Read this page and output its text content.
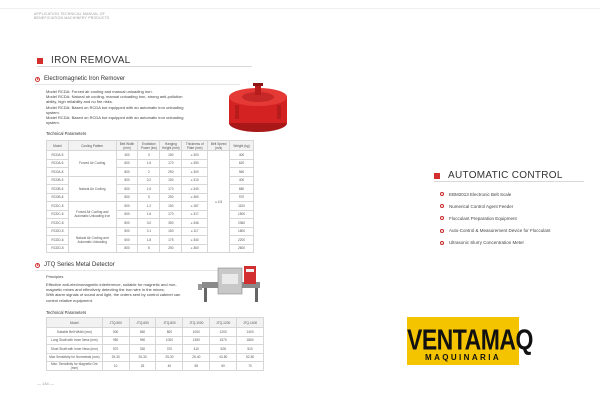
APPLICATION TECHNICAL MANUAL OF
BENEFICIATION MACHINERY PRODUCTS
IRON REMOVAL
Electromagnetic Iron Remover
Model RCDA: Forced air cooling and manual unloading iron.
Model RCDA: Natural air cooling, manual unloading iron, strong anti-pollution
ability, high reliability and no fire risks.
Model RCDA: Based on RCDA but equipped with an automatic iron unloading
system.
Model RCDA: Based on RCDA but equipped with an automatic iron unloading
system.
Technical Parameters
Model	Cooling Pattern	Belt Width (mm)	Excitation Power (kw)	Hanging Height (mm)	Thickness of Plate (mm)	Belt Speed (m/s)	Weight (kg)
RCDA-5	Forced Air Cooling	400	3	150	≤ 300	≤ 4.5	400
RCDA-6		600	1.6	170	≤ 350		620
RCDA-8		800	2	250	≤ 300		960
RCDB-5	Natural Air Cooling	500	0.2	150	≤ 310		400
RCDB-6		600	1.6	170	≤ 340		680
RCDB-8		800	5	250	≤ 360		970
RCDC-5	Forced Air Cooling and Automatic Unloading Iron	500	1.2	150	≤ 187		1100
RCDC-6		600	1.6	170	≤ 317		1500
RCDC-8		800	3.0	350	≤ 346		2360
RCDD-5	Natural Air Cooling and Automatic Unloading	500	0.1	150	≤ 117		1800
RCDD-6		600	1.8	175	≤ 340		2200
RCDD-8		800	5	250	≤ 360		2600
JTQ Series Metal Detector
Principles
Effective anti-electromagnetic interference, suitable for magnetic and non-
magnetic mines and effectively detecting the iron wire in the mines;
With alarm signals of sound and light, the orders sent by control cabinet can
control relative equipment.
Technical Parameters
Model	JTQ-500	JTQ-650	JTQ-800	JTQ-1000	JTQ-1200	JTQ-1400
Suitable Belt Width (mm)	500	650	800	1000	1200	1400
Long Shaft with Inner Ness (mm)	950	950	1000	1350	1570	1860
Short Shaft with Inner Ness (mm)	570	330	370	410	528	510
Max Sensitivity for Nonmetals (mm)	25-30	25-30	25-30	25-40	43-50	52-50
Max. Sensitivity for Magnetic Ore (mm)	10	25	40	55	60	70
AUTOMATIC CONTROL
EBM2013 Electronic Belt Scale
Numerical Control Agent Feeder
Flocculant Preparation Equipment
Auto-Control & Measurement Device for Flocculant
Ultrasonic Slurry Concentration Meter
VENTAMAQ
MAQUINARIA
— 144 —
